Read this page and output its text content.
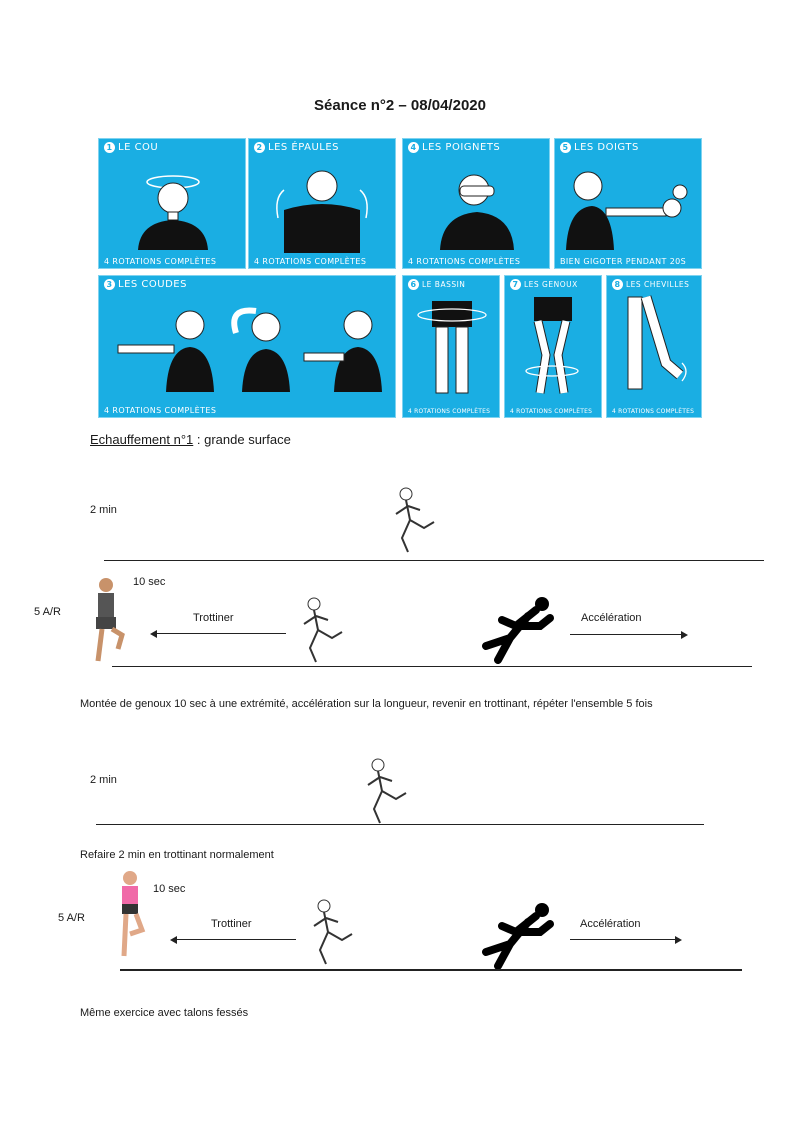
Séance n°2 – 08/04/2020
1 LE COU
4 ROTATIONS COMPLÈTES
2 LES ÉPAULES
4 ROTATIONS COMPLÈTES
4 LES POIGNETS
4 ROTATIONS COMPLÈTES
5 LES DOIGTS
BIEN GIGOTER PENDANT 20S
3 LES COUDES
4 ROTATIONS COMPLÈTES
6 LE BASSIN
4 ROTATIONS COMPLÈTES
7 LES GENOUX
4 ROTATIONS COMPLÈTES
8 LES CHEVILLES
4 ROTATIONS COMPLÈTES
Echauffement n°1 : grande surface
2 min
10 sec
5 A/R	Trottiner	Accélération
Montée de genoux 10 sec à une extrémité, accélération sur la longueur, revenir en trottinant, répéter l'ensemble 5 fois
2 min
Refaire 2 min en trottinant normalement
10 sec
5 A/R	Trottiner	Accélération
Même exercice avec talons fessés
